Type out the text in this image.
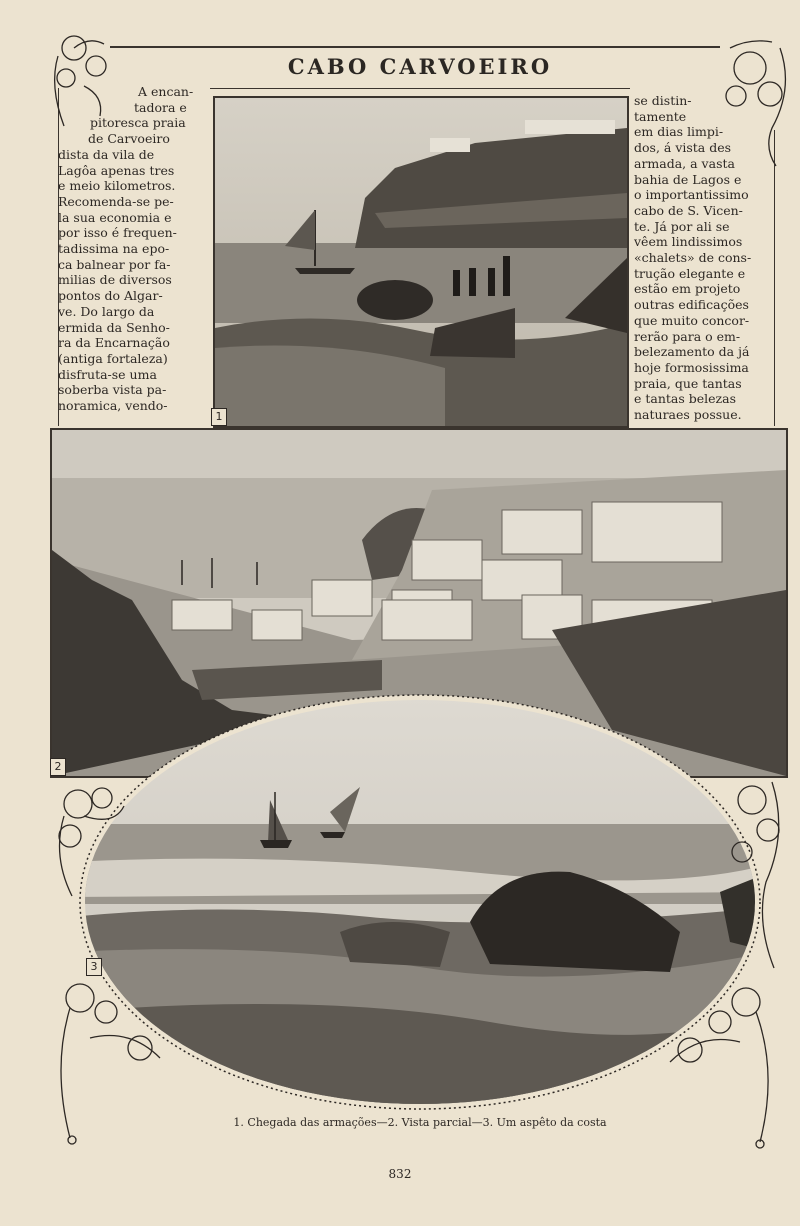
CABO CARVOEIRO
A encan-
tadora e
pitoresca praia
de Carvoeiro
dista da vila de
Lagôa apenas tres
e meio kilometros.
Recomenda-se pe-
la sua economia e
por isso é frequen-
tadissima na epo-
ca balnear por fa-
milias de diversos
pontos do Algar-
ve. Do largo da
ermida da Senho-
ra da Encarnação
(antiga fortaleza)
disfruta-se uma
soberba vista pa-
noramica, vendo-
se distin-
tamente
em dias limpi-
dos, á vista des
armada, a vasta
bahia de Lagos e
o importantissimo
cabo de S. Vicen-
te. Já por ali se
vêem lindissimos
«chalets» de cons-
trução elegante e
estão em projeto
outras edificações
que muito concor-
rerão para o em-
belezamento da já
hoje formosissima
praia, que tantas
e tantas belezas
naturaes possue.
1
2
3
1. Chegada das armações—2. Vista parcial—3. Um aspêto da costa
832
